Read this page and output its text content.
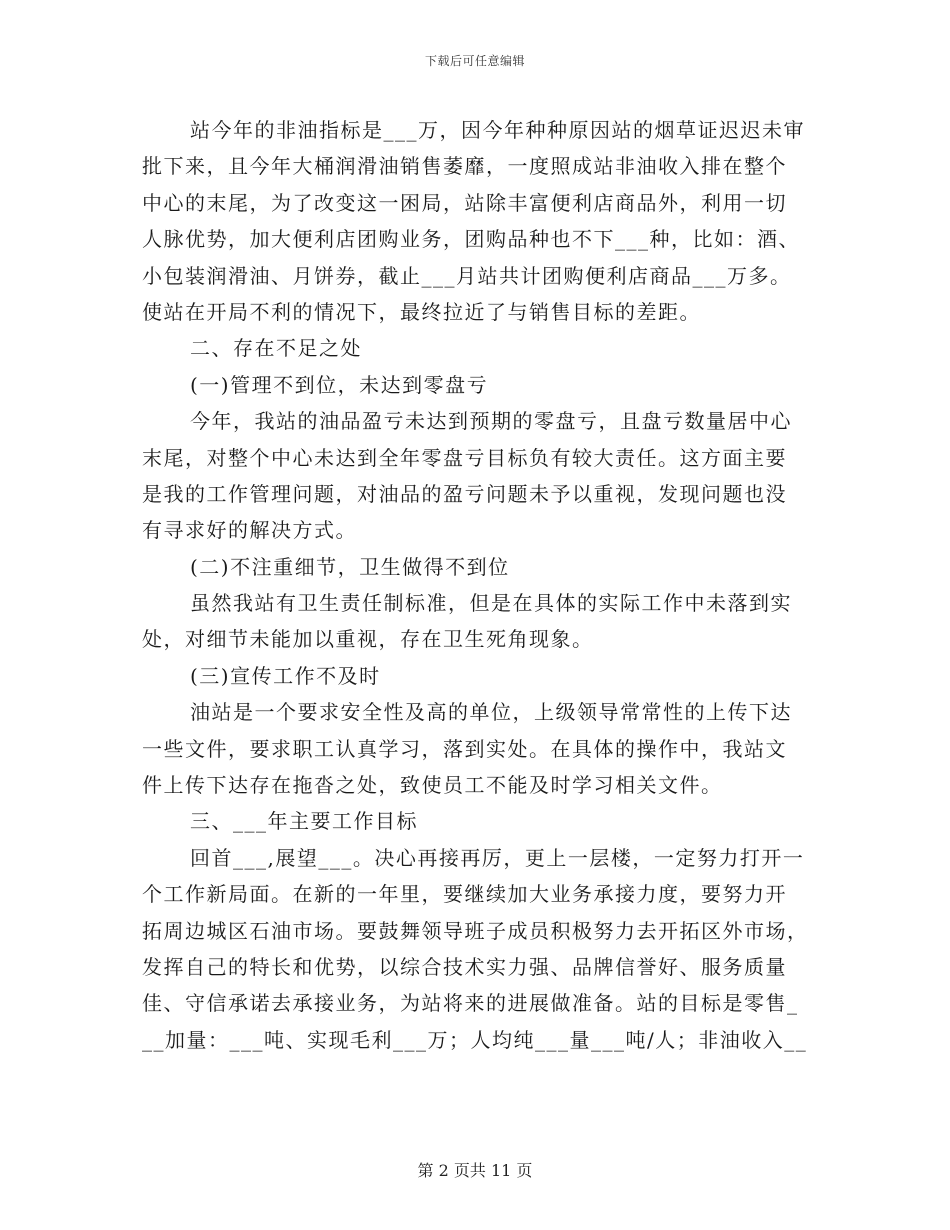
下载后可任意编辑
站今年的非油指标是___万，因今年种种原因站的烟草证迟迟未审
批下来，且今年大桶润滑油销售萎靡，一度照成站非油收入排在整个
中心的末尾，为了改变这一困局，站除丰富便利店商品外，利用一切
人脉优势，加大便利店团购业务，团购品种也不下___种，比如：酒、
小包装润滑油、月饼券，截止___月站共计团购便利店商品___万多。
使站在开局不利的情况下，最终拉近了与销售目标的差距。
二、存在不足之处
(一)管理不到位，未达到零盘亏
今年，我站的油品盈亏未达到预期的零盘亏，且盘亏数量居中心
末尾，对整个中心未达到全年零盘亏目标负有较大责任。这方面主要
是我的工作管理问题，对油品的盈亏问题未予以重视，发现问题也没
有寻求好的解决方式。
(二)不注重细节，卫生做得不到位
虽然我站有卫生责任制标准，但是在具体的实际工作中未落到实
处，对细节未能加以重视，存在卫生死角现象。
(三)宣传工作不及时
油站是一个要求安全性及高的单位，上级领导常常性的上传下达
一些文件，要求职工认真学习，落到实处。在具体的操作中，我站文
件上传下达存在拖沓之处，致使员工不能及时学习相关文件。
三、___年主要工作目标
回首___,展望___。决心再接再厉，更上一层楼，一定努力打开一
个工作新局面。在新的一年里，要继续加大业务承接力度，要努力开
拓周边城区石油市场。要鼓舞领导班子成员积极努力去开拓区外市场，
发挥自己的特长和优势，以综合技术实力强、品牌信誉好、服务质量
佳、守信承诺去承接业务，为站将来的进展做准备。站的目标是零售_
__加量：___吨、实现毛利___万；人均纯___量___吨/人；非油收入__
第 2 页共 11 页
